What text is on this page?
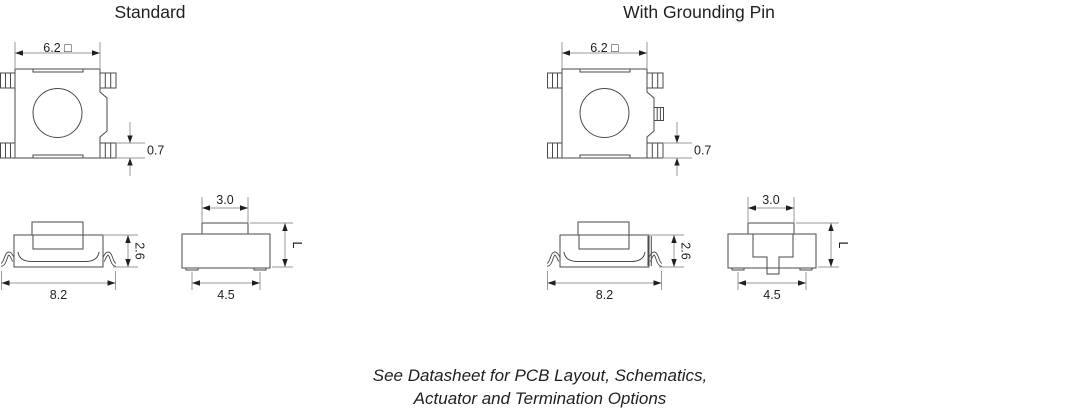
Standard	With Grounding Pin
6.2 □
0.7
8.2
2.6
3.0
4.5
L
6.2 □
0.7
8.2
2.6
3.0
4.5
L
See Datasheet for PCB Layout, Schematics,
Actuator and Termination Options
